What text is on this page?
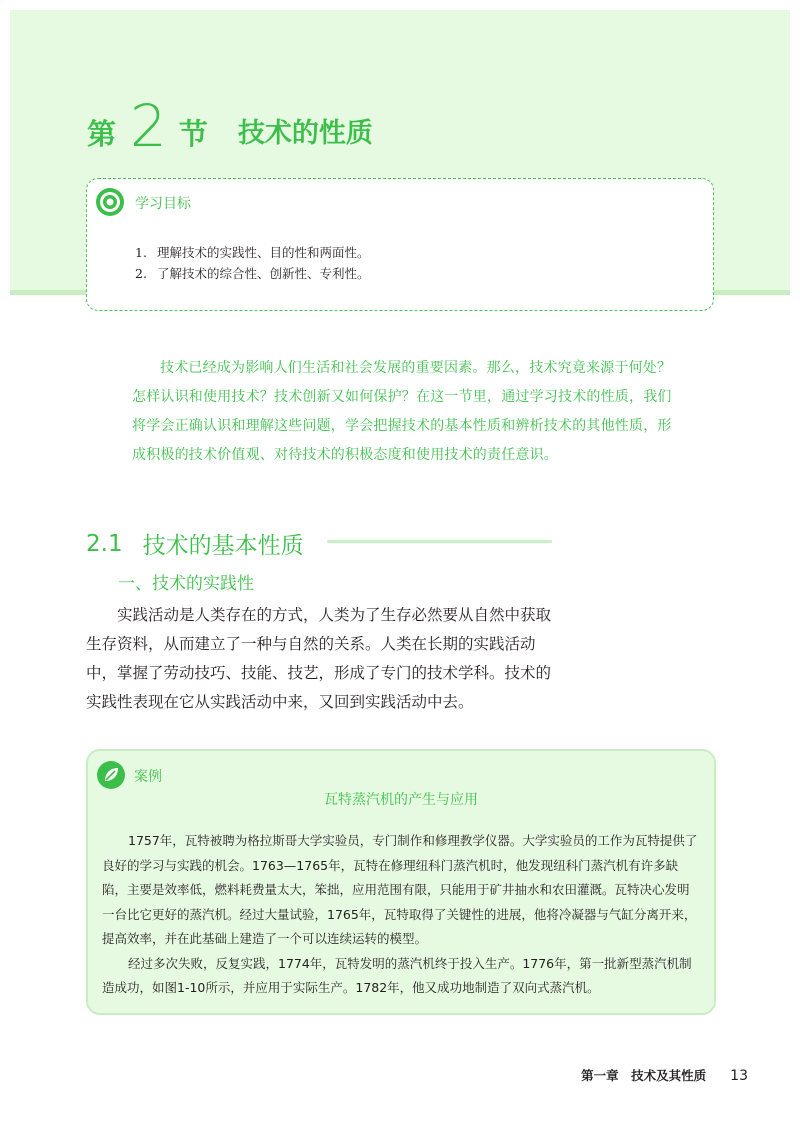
第 2 节 技术的性质
学习目标
1. 理解技术的实践性、目的性和两面性。
2. 了解技术的综合性、创新性、专利性。

技术已经成为影响人们生活和社会发展的重要因素。那么，技术究竟来源于何处？怎样认识和使用技术？技术创新又如何保护？在这一节里，通过学习技术的性质，我们将学会正确认识和理解这些问题，学会把握技术的基本性质和辨析技术的其他性质，形成积极的技术价值观、对待技术的积极态度和使用技术的责任意识。

2.1 技术的基本性质
一、技术的实践性

实践活动是人类存在的方式，人类为了生存必然要从自然中获取生存资料，从而建立了一种与自然的关系。人类在长期的实践活动中，掌握了劳动技巧、技能、技艺，形成了专门的技术学科。技术的实践性表现在它从实践活动中来，又回到实践活动中去。

案例
瓦特蒸汽机的产生与应用

1757年，瓦特被聘为格拉斯哥大学实验员，专门制作和修理教学仪器。大学实验员的工作为瓦特提供了良好的学习与实践的机会。1763—1765年，瓦特在修理纽科门蒸汽机时，他发现纽科门蒸汽机有许多缺陷，主要是效率低，燃料耗费量太大，笨拙，应用范围有限，只能用于矿井抽水和农田灌溉。瓦特决心发明一台比它更好的蒸汽机。经过大量试验，1765年，瓦特取得了关键性的进展，他将冷凝器与气缸分离开来，提高效率，并在此基础上建造了一个可以连续运转的模型。

经过多次失败，反复实践，1774年，瓦特发明的蒸汽机终于投入生产。1776年，第一批新型蒸汽机制造成功，如图1-10所示，并应用于实际生产。1782年，他又成功地制造了双向式蒸汽机。

第一章　技术及其性质 13
